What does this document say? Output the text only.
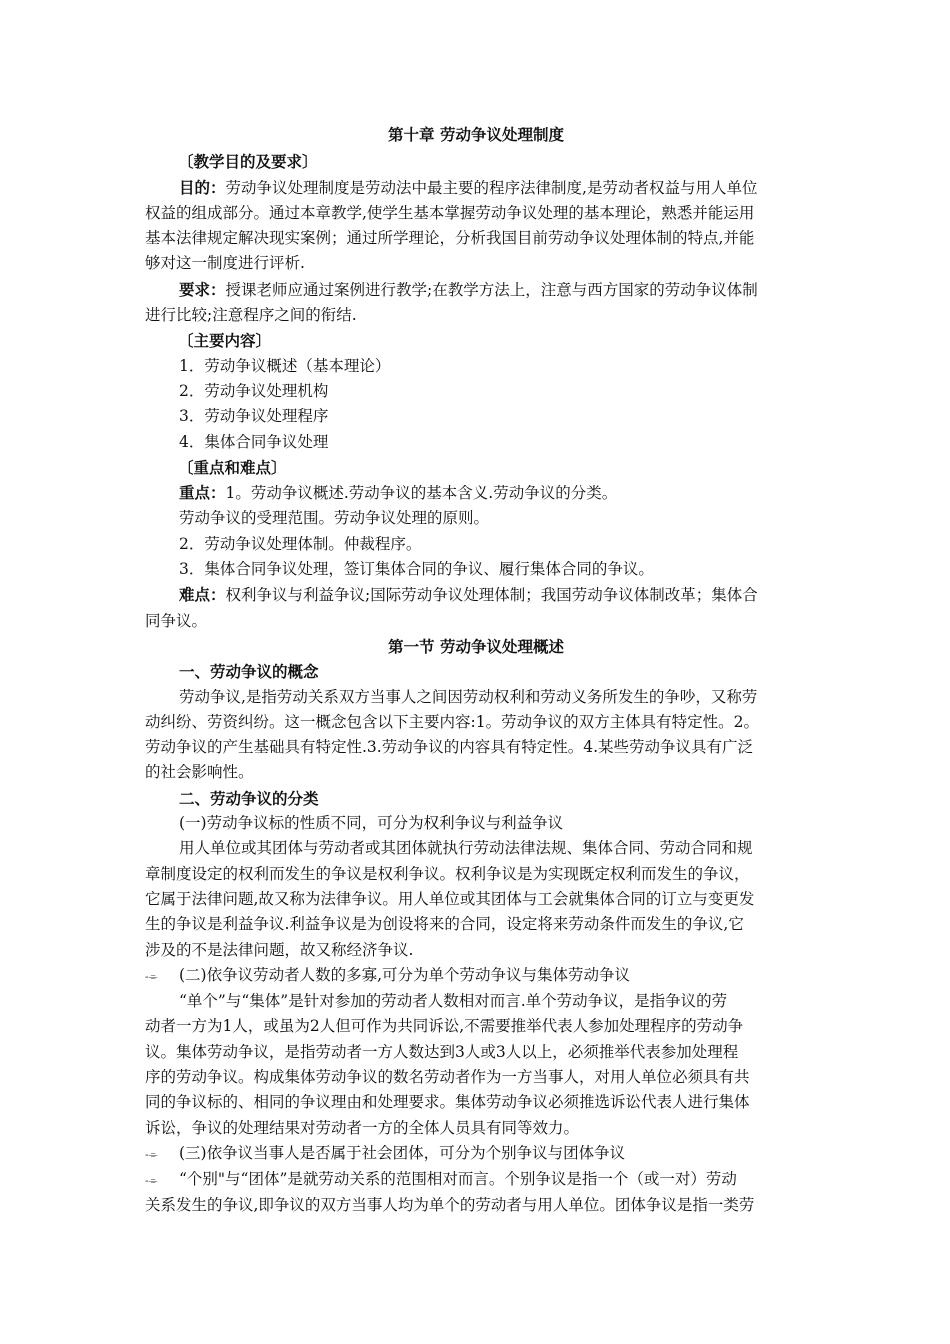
第十章 劳动争议处理制度
〔教学目的及要求〕
目的：劳动争议处理制度是劳动法中最主要的程序法律制度,是劳动者权益与用人单位
权益的组成部分。通过本章教学,使学生基本掌握劳动争议处理的基本理论，熟悉并能运用
基本法律规定解决现实案例；通过所学理论，分析我国目前劳动争议处理体制的特点,并能
够对这一制度进行评析.
要求：授课老师应通过案例进行教学;在教学方法上，注意与西方国家的劳动争议体制
进行比较;注意程序之间的衔结.
〔主要内容〕
1．劳动争议概述（基本理论）
2．劳动争议处理机构
3．劳动争议处理程序
4．集体合同争议处理
〔重点和难点〕
重点：1。劳动争议概述.劳动争议的基本含义.劳动争议的分类。
劳动争议的受理范围。劳动争议处理的原则。
2．劳动争议处理体制。仲裁程序。
3．集体合同争议处理，签订集体合同的争议、履行集体合同的争议。
难点：权利争议与利益争议;国际劳动争议处理体制；我国劳动争议体制改革；集体合
同争议。
第一节 劳动争议处理概述
一、劳动争议的概念
劳动争议,是指劳动关系双方当事人之间因劳动权利和劳动义务所发生的争吵，又称劳
动纠纷、劳资纠纷。这一概念包含以下主要内容:1。劳动争议的双方主体具有特定性。2。
劳动争议的产生基础具有特定性.3.劳动争议的内容具有特定性。4.某些劳动争议具有广泛
的社会影响性。
二、劳动争议的分类
(一)劳动争议标的性质不同，可分为权利争议与利益争议
用人单位或其团体与劳动者或其团体就执行劳动法律法规、集体合同、劳动合同和规
章制度设定的权利而发生的争议是权利争议。权利争议是为实现既定权利而发生的争议，
它属于法律问题,故又称为法律争议。用人单位或其团体与工会就集体合同的订立与变更发
生的争议是利益争议.利益争议是为创设将来的合同，设定将来劳动条件而发生的争议,它
涉及的不是法律问题，故又称经济争议.
-⌯ (二)依争议劳动者人数的多寡,可分为单个劳动争议与集体劳动争议
“单个”与“集体”是针对参加的劳动者人数相对而言.单个劳动争议，是指争议的劳
动者一方为1人，或虽为2人但可作为共同诉讼,不需要推举代表人参加处理程序的劳动争
议。集体劳动争议，是指劳动者一方人数达到3人或3人以上，必须推举代表参加处理程
序的劳动争议。构成集体劳动争议的数名劳动者作为一方当事人，对用人单位必须具有共
同的争议标的、相同的争议理由和处理要求。集体劳动争议必须推选诉讼代表人进行集体
诉讼，争议的处理结果对劳动者一方的全体人员具有同等效力。
-⌯ (三)依争议当事人是否属于社会团体，可分为个别争议与团体争议
-⌯ “个别"与“团体”是就劳动关系的范围相对而言。个别争议是指一个（或一对）劳动
关系发生的争议,即争议的双方当事人均为单个的劳动者与用人单位。团体争议是指一类劳
